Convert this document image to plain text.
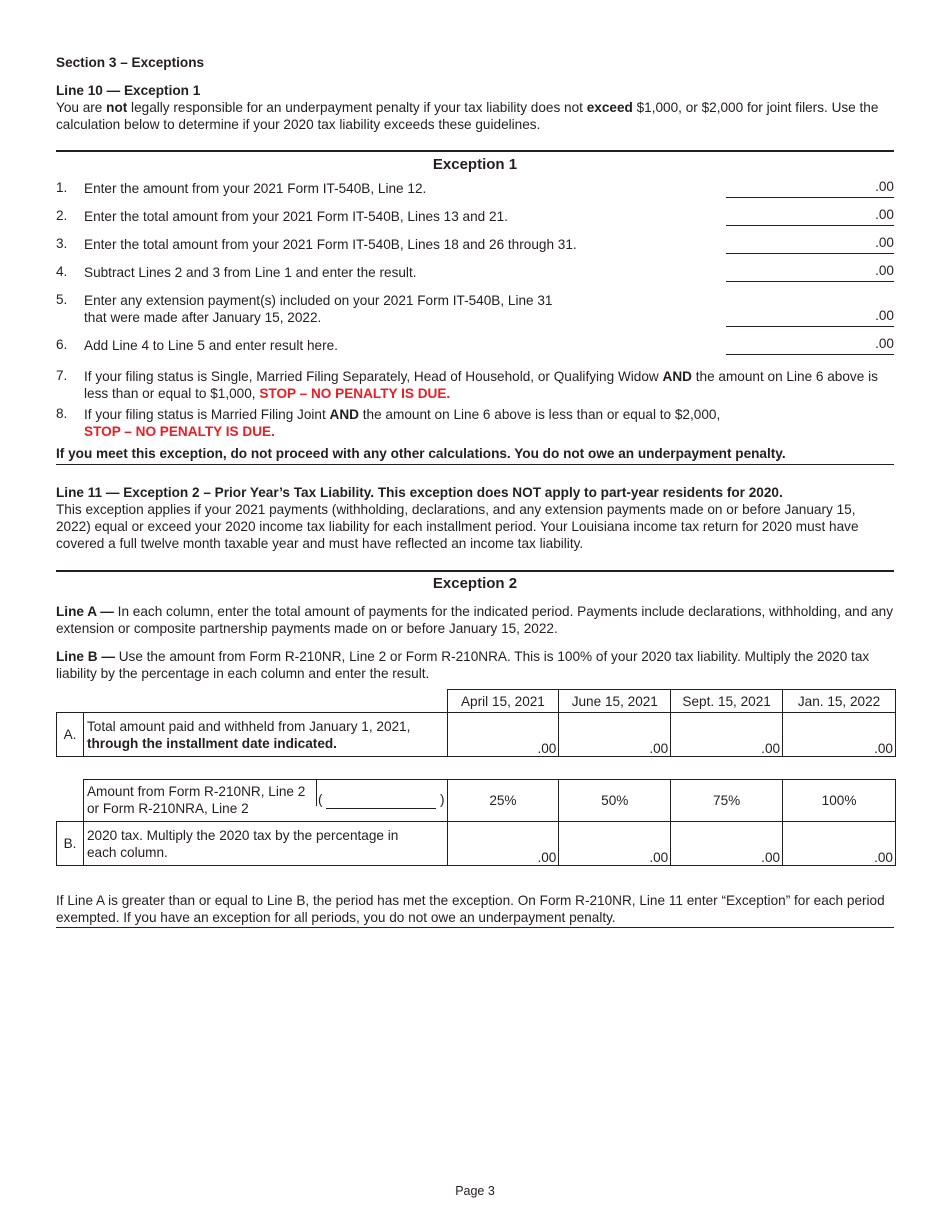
Section 3 – Exceptions
Line 10 — Exception 1
You are not legally responsible for an underpayment penalty if your tax liability does not exceed $1,000, or $2,000 for joint filers. Use the calculation below to determine if your 2020 tax liability exceeds these guidelines.
Exception 1
1.	Enter the amount from your 2021 Form IT-540B, Line 12.	.00
2.	Enter the total amount from your 2021 Form IT-540B, Lines 13 and 21.	.00
3.	Enter the total amount from your 2021 Form IT-540B, Lines 18 and 26 through 31.	.00
4.	Subtract Lines 2 and 3 from Line 1 and enter the result.	.00
5.	Enter any extension payment(s) included on your 2021 Form IT-540B, Line 31
that were made after January 15, 2022.	.00
6.	Add Line 4 to Line 5 and enter result here.	.00
7.	If your filing status is Single, Married Filing Separately, Head of Household, or Qualifying Widow AND the amount on Line 6 above is less than or equal to $1,000, STOP – NO PENALTY IS DUE.
8.	If your filing status is Married Filing Joint AND the amount on Line 6 above is less than or equal to $2,000,
STOP – NO PENALTY IS DUE.
If you meet this exception, do not proceed with any other calculations. You do not owe an underpayment penalty.
Line 11 — Exception 2 – Prior Year’s Tax Liability. This exception does NOT apply to part-year residents for 2020.
This exception applies if your 2021 payments (withholding, declarations, and any extension payments made on or before January 15, 2022) equal or exceed your 2020 income tax liability for each installment period. Your Louisiana income tax return for 2020 must have covered a full twelve month taxable year and must have reflected an income tax liability.
Exception 2
Line A — In each column, enter the total amount of payments for the indicated period. Payments include declarations, withholding, and any extension or composite partnership payments made on or before January 15, 2022.
Line B — Use the amount from Form R-210NR, Line 2 or Form R-210NRA. This is 100% of your 2020 tax liability. Multiply the 2020 tax liability by the percentage in each column and enter the result.
		April 15, 2021	June 15, 2021	Sept. 15, 2021	Jan. 15, 2022
A.	Total amount paid and withheld from January 1, 2021,
through the installment date indicated.	.00	.00	.00	.00

	Amount from Form R-210NR, Line 2
or Form R-210NRA, Line 2
( )	25%	50%	75%	100%
B.	2020 tax. Multiply the 2020 tax by the percentage in
each column.	.00	.00	.00	.00
If Line A is greater than or equal to Line B, the period has met the exception. On Form R-210NR, Line 11 enter “Exception” for each period exempted. If you have an exception for all periods, you do not owe an underpayment penalty.
Page 3
